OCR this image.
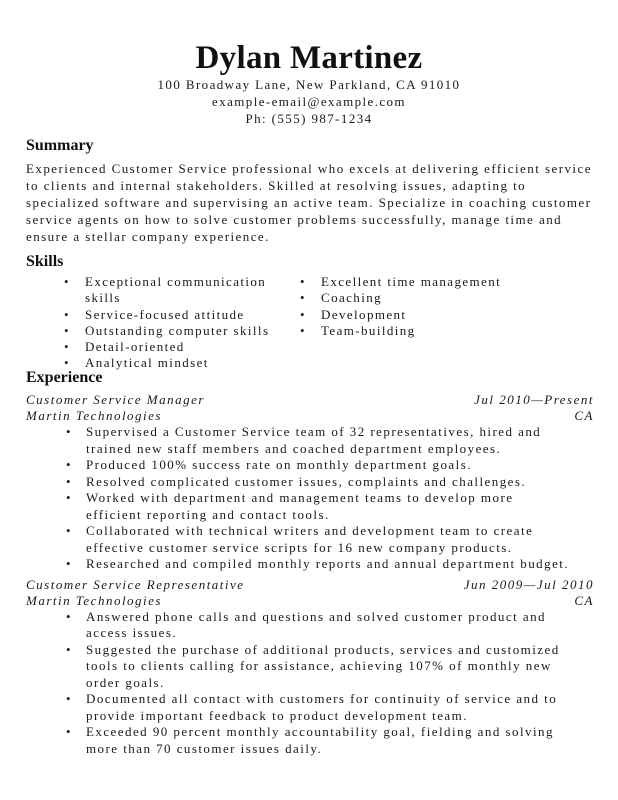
Dylan Martinez
100 Broadway Lane, New Parkland, CA 91010
example-email@example.com
Ph: (555) 987-1234
Summary
Experienced Customer Service professional who excels at delivering efficient service to clients and internal stakeholders. Skilled at resolving issues, adapting to specialized software and supervising an active team. Specialize in coaching customer service agents on how to solve customer problems successfully, manage time and ensure a stellar company experience.
Skills
• Exceptional communication skills
• Service-focused attitude
• Outstanding computer skills
• Detail-oriented
• Analytical mindset
• Excellent time management
• Coaching
• Development
• Team-building
Experience
Customer Service Manager	Jul 2010—Present
Martin Technologies	CA
• Supervised a Customer Service team of 32 representatives, hired and trained new staff members and coached department employees.
• Produced 100% success rate on monthly department goals.
• Resolved complicated customer issues, complaints and challenges.
• Worked with department and management teams to develop more efficient reporting and contact tools.
• Collaborated with technical writers and development team to create effective customer service scripts for 16 new company products.
• Researched and compiled monthly reports and annual department budget.
Customer Service Representative	Jun 2009—Jul 2010
Martin Technologies	CA
• Answered phone calls and questions and solved customer product and access issues.
• Suggested the purchase of additional products, services and customized tools to clients calling for assistance, achieving 107% of monthly new order goals.
• Documented all contact with customers for continuity of service and to provide important feedback to product development team.
• Exceeded 90 percent monthly accountability goal, fielding and solving more than 70 customer issues daily.
